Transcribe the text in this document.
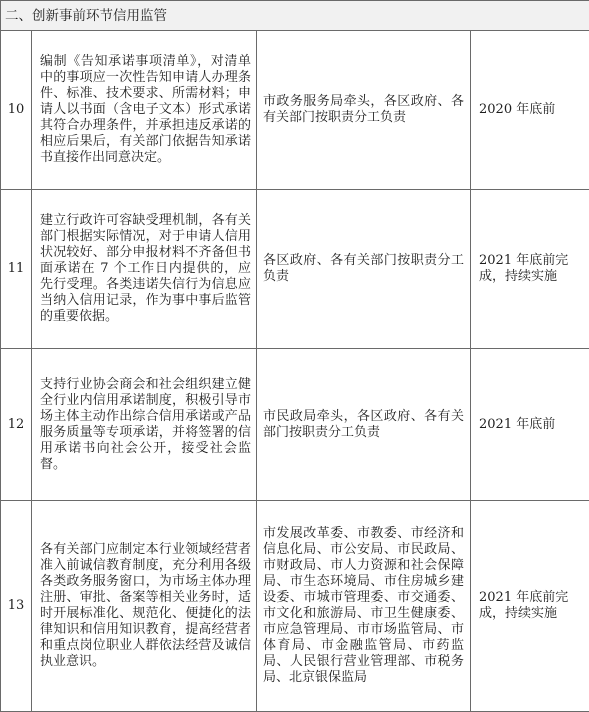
二、创新事前环节信用监管			
10	编制《告知承诺事项清单》，对清单中的事项应一次性告知申请人办理条件、标准、技术要求、所需材料；申请人以书面（含电子文本）形式承诺其符合办理条件，并承担违反承诺的相应后果后，有关部门依据告知承诺书直接作出同意决定。	市政务服务局牵头，各区政府、各有关部门按职责分工负责	2020 年底前
11	建立行政许可容缺受理机制，各有关部门根据实际情况，对于申请人信用状况较好、部分申报材料不齐备但书面承诺在 7 个工作日内提供的，应先行受理。各类违诺失信行为信息应当纳入信用记录，作为事中事后监管的重要依据。	各区政府、各有关部门按职责分工负责	2021 年底前完成，持续实施
12	支持行业协会商会和社会组织建立健全行业内信用承诺制度，积极引导市场主体主动作出综合信用承诺或产品服务质量等专项承诺，并将签署的信用承诺书向社会公开，接受社会监督。	市民政局牵头，各区政府、各有关部门按职责分工负责	2021 年底前
13	各有关部门应制定本行业领域经营者准入前诚信教育制度，充分利用各级各类政务服务窗口，为市场主体办理注册、审批、备案等相关业务时，适时开展标准化、规范化、便捷化的法律知识和信用知识教育，提高经营者和重点岗位职业人群依法经营及诚信执业意识。	市发展改革委、市教委、市经济和信息化局、市公安局、市民政局、市财政局、市人力资源和社会保障局、市生态环境局、市住房城乡建设委、市城市管理委、市交通委、市文化和旅游局、市卫生健康委、市应急管理局、市市场监管局、市体育局、市金融监管局、市药监局、人民银行营业管理部、市税务局、北京银保监局	2021 年底前完成，持续实施
